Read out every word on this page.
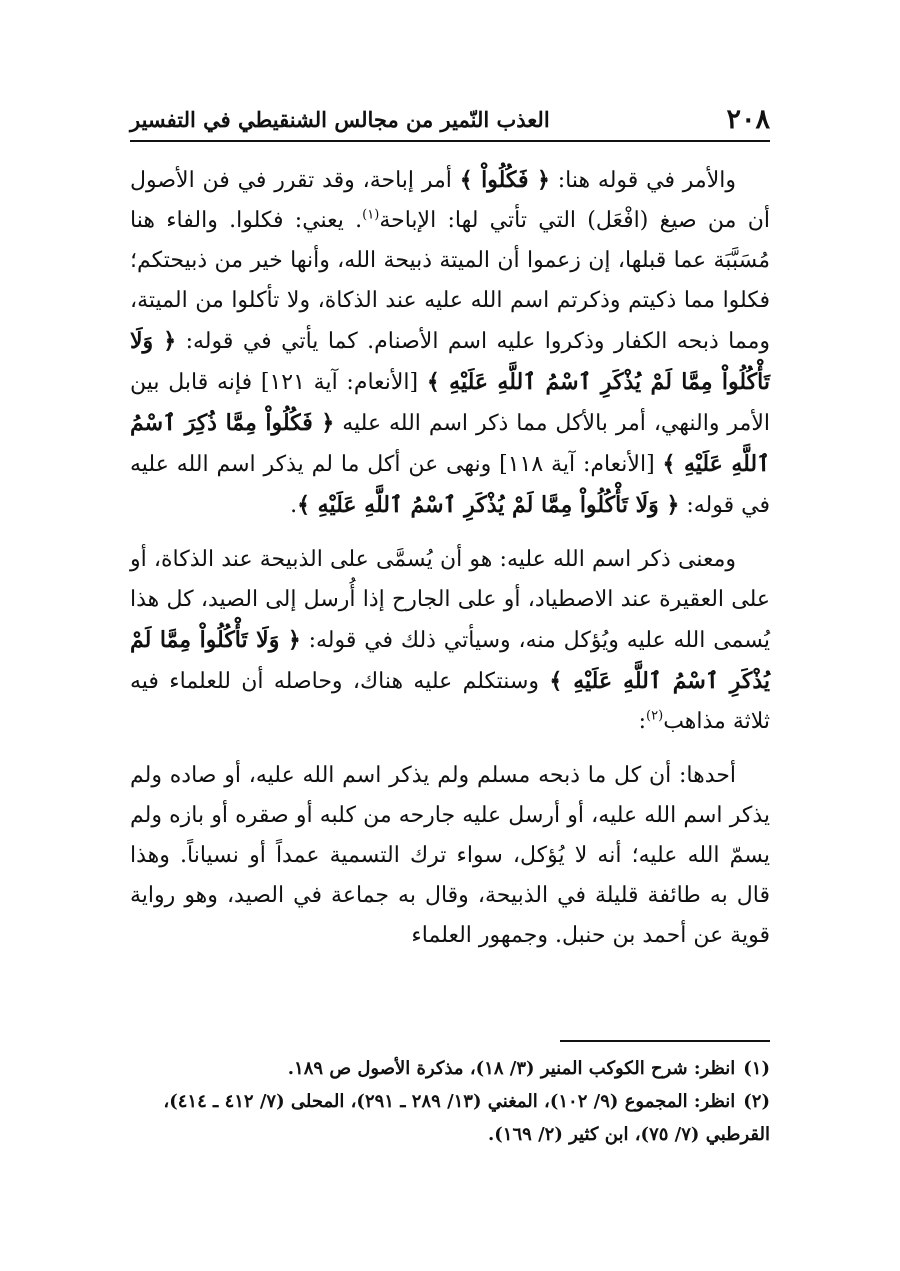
٢٠٨
العذب النّمير من مجالس الشنقيطي في التفسير

والأمر في قوله هنا: ﴿ فَكُلُواْ ﴾ أمر إباحة، وقد تقرر في فن الأصول أن من صيغ (افْعَل) التي تأتي لها: الإباحة$^{(١)}$. يعني: فكلوا. والفاء هنا مُسَبَّبَة عما قبلها، إن زعموا أن الميتة ذبيحة الله، وأنها خير من ذبيحتكم؛ فكلوا مما ذكيتم وذكرتم اسم الله عليه عند الذكاة، ولا تأكلوا من الميتة، ومما ذبحه الكفار وذكروا عليه اسم الأصنام. كما يأتي في قوله: ﴿ وَلَا تَأْكُلُواْ مِمَّا لَمْ يُذْكَرِ ٱسْمُ ٱللَّهِ عَلَيْهِ ﴾ [الأنعام: آية ١٢١] فإنه قابل بين الأمر والنهي، أمر بالأكل مما ذكر اسم الله عليه ﴿ فَكُلُواْ مِمَّا ذُكِرَ ٱسْمُ ٱللَّهِ عَلَيْهِ ﴾ [الأنعام: آية ١١٨] ونهى عن أكل ما لم يذكر اسم الله عليه في قوله: ﴿ وَلَا تَأْكُلُواْ مِمَّا لَمْ يُذْكَرِ ٱسْمُ ٱللَّهِ عَلَيْهِ ﴾.

ومعنى ذكر اسم الله عليه: هو أن يُسمَّى على الذبيحة عند الذكاة، أو على العقيرة عند الاصطياد، أو على الجارح إذا أُرسل إلى الصيد، كل هذا يُسمى الله عليه ويُؤكل منه، وسيأتي ذلك في قوله: ﴿ وَلَا تَأْكُلُواْ مِمَّا لَمْ يُذْكَرِ ٱسْمُ ٱللَّهِ عَلَيْهِ ﴾ وسنتكلم عليه هناك، وحاصله أن للعلماء فيه ثلاثة مذاهب$^{(٢)}$:

أحدها: أن كل ما ذبحه مسلم ولم يذكر اسم الله عليه، أو صاده ولم يذكر اسم الله عليه، أو أرسل عليه جارحه من كلبه أو صقره أو بازه ولم يسمّ الله عليه؛ أنه لا يُؤكل، سواء ترك التسمية عمداً أو نسياناً. وهذا قال به طائفة قليلة في الذبيحة، وقال به جماعة في الصيد، وهو رواية قوية عن أحمد بن حنبل. وجمهور العلماء

(١)انظر: شرح الكوكب المنير (٣/ ١٨)، مذكرة الأصول ص ١٨٩.

(٢)انظر: المجموع (٩/ ١٠٢)، المغني (١٣/ ٢٨٩ ـ ٢٩١)، المحلى (٧/ ٤١٢ ـ ٤١٤)، القرطبي (٧/ ٧٥)، ابن كثير (٢/ ١٦٩).
